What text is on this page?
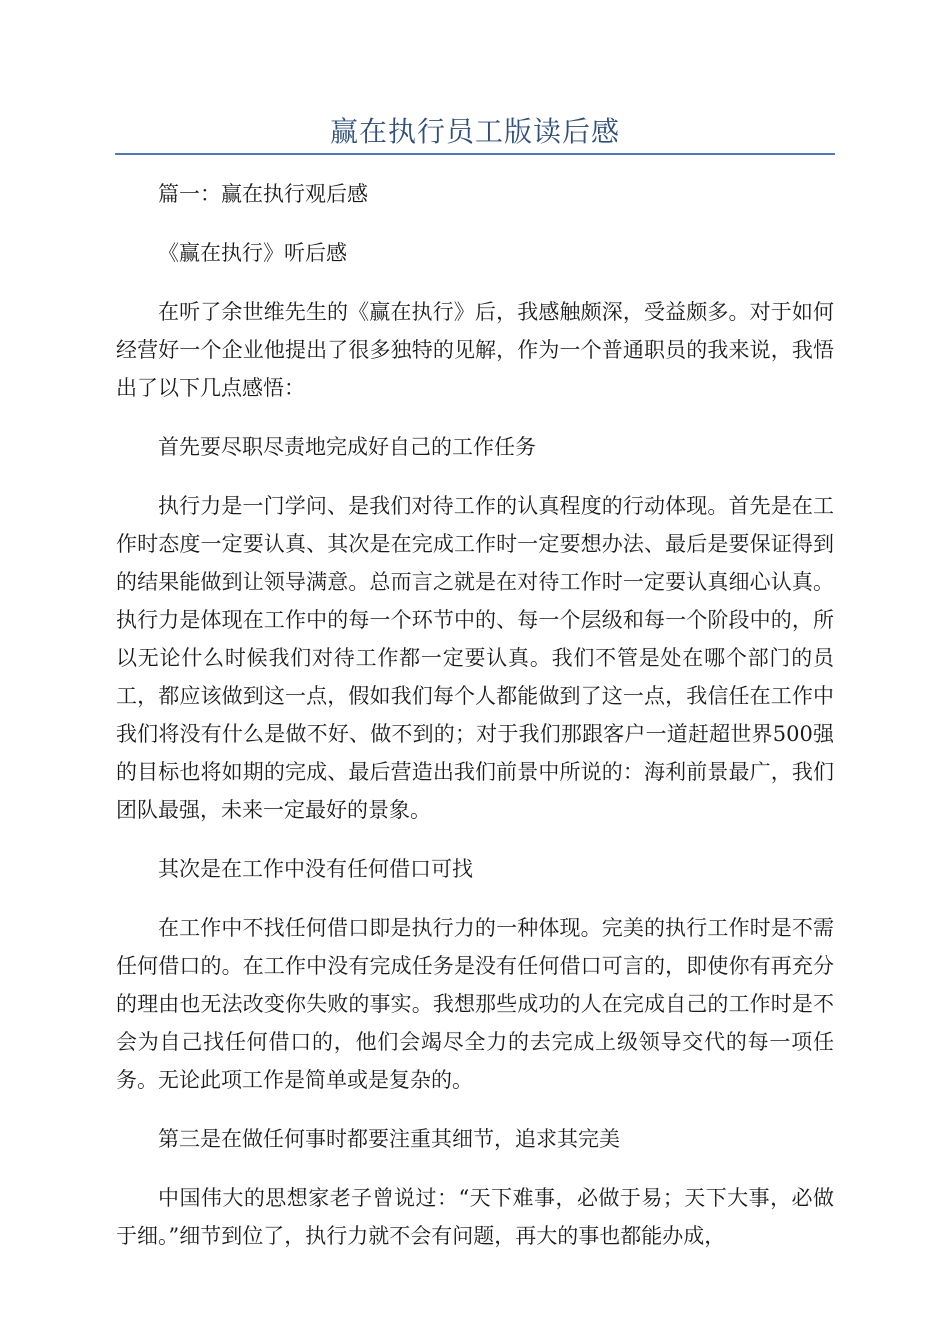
赢在执行员工版读后感

篇一：赢在执行观后感

《赢在执行》听后感

在听了余世维先生的《赢在执行》后，我感触颇深，受益颇多。对于如何经营好一个企业他提出了很多独特的见解，作为一个普通职员的我来说，我悟出了以下几点感悟：

首先要尽职尽责地完成好自己的工作任务

执行力是一门学问、是我们对待工作的认真程度的行动体现。首先是在工作时态度一定要认真、其次是在完成工作时一定要想办法、最后是要保证得到的结果能做到让领导满意。总而言之就是在对待工作时一定要认真细心认真。执行力是体现在工作中的每一个环节中的、每一个层级和每一个阶段中的，所以无论什么时候我们对待工作都一定要认真。我们不管是处在哪个部门的员工，都应该做到这一点，假如我们每个人都能做到了这一点，我信任在工作中我们将没有什么是做不好、做不到的；对于我们那跟客户一道赶超世界500强的目标也将如期的完成、最后营造出我们前景中所说的：海利前景最广，我们团队最强，未来一定最好的景象。

其次是在工作中没有任何借口可找

在工作中不找任何借口即是执行力的一种体现。完美的执行工作时是不需任何借口的。在工作中没有完成任务是没有任何借口可言的，即使你有再充分的理由也无法改变你失败的事实。我想那些成功的人在完成自己的工作时是不会为自己找任何借口的，他们会竭尽全力的去完成上级领导交代的每一项任务。无论此项工作是简单或是复杂的。

第三是在做任何事时都要注重其细节，追求其完美

中国伟大的思想家老子曾说过：“天下难事，必做于易；天下大事，必做于细。”细节到位了，执行力就不会有问题，再大的事也都能办成，
